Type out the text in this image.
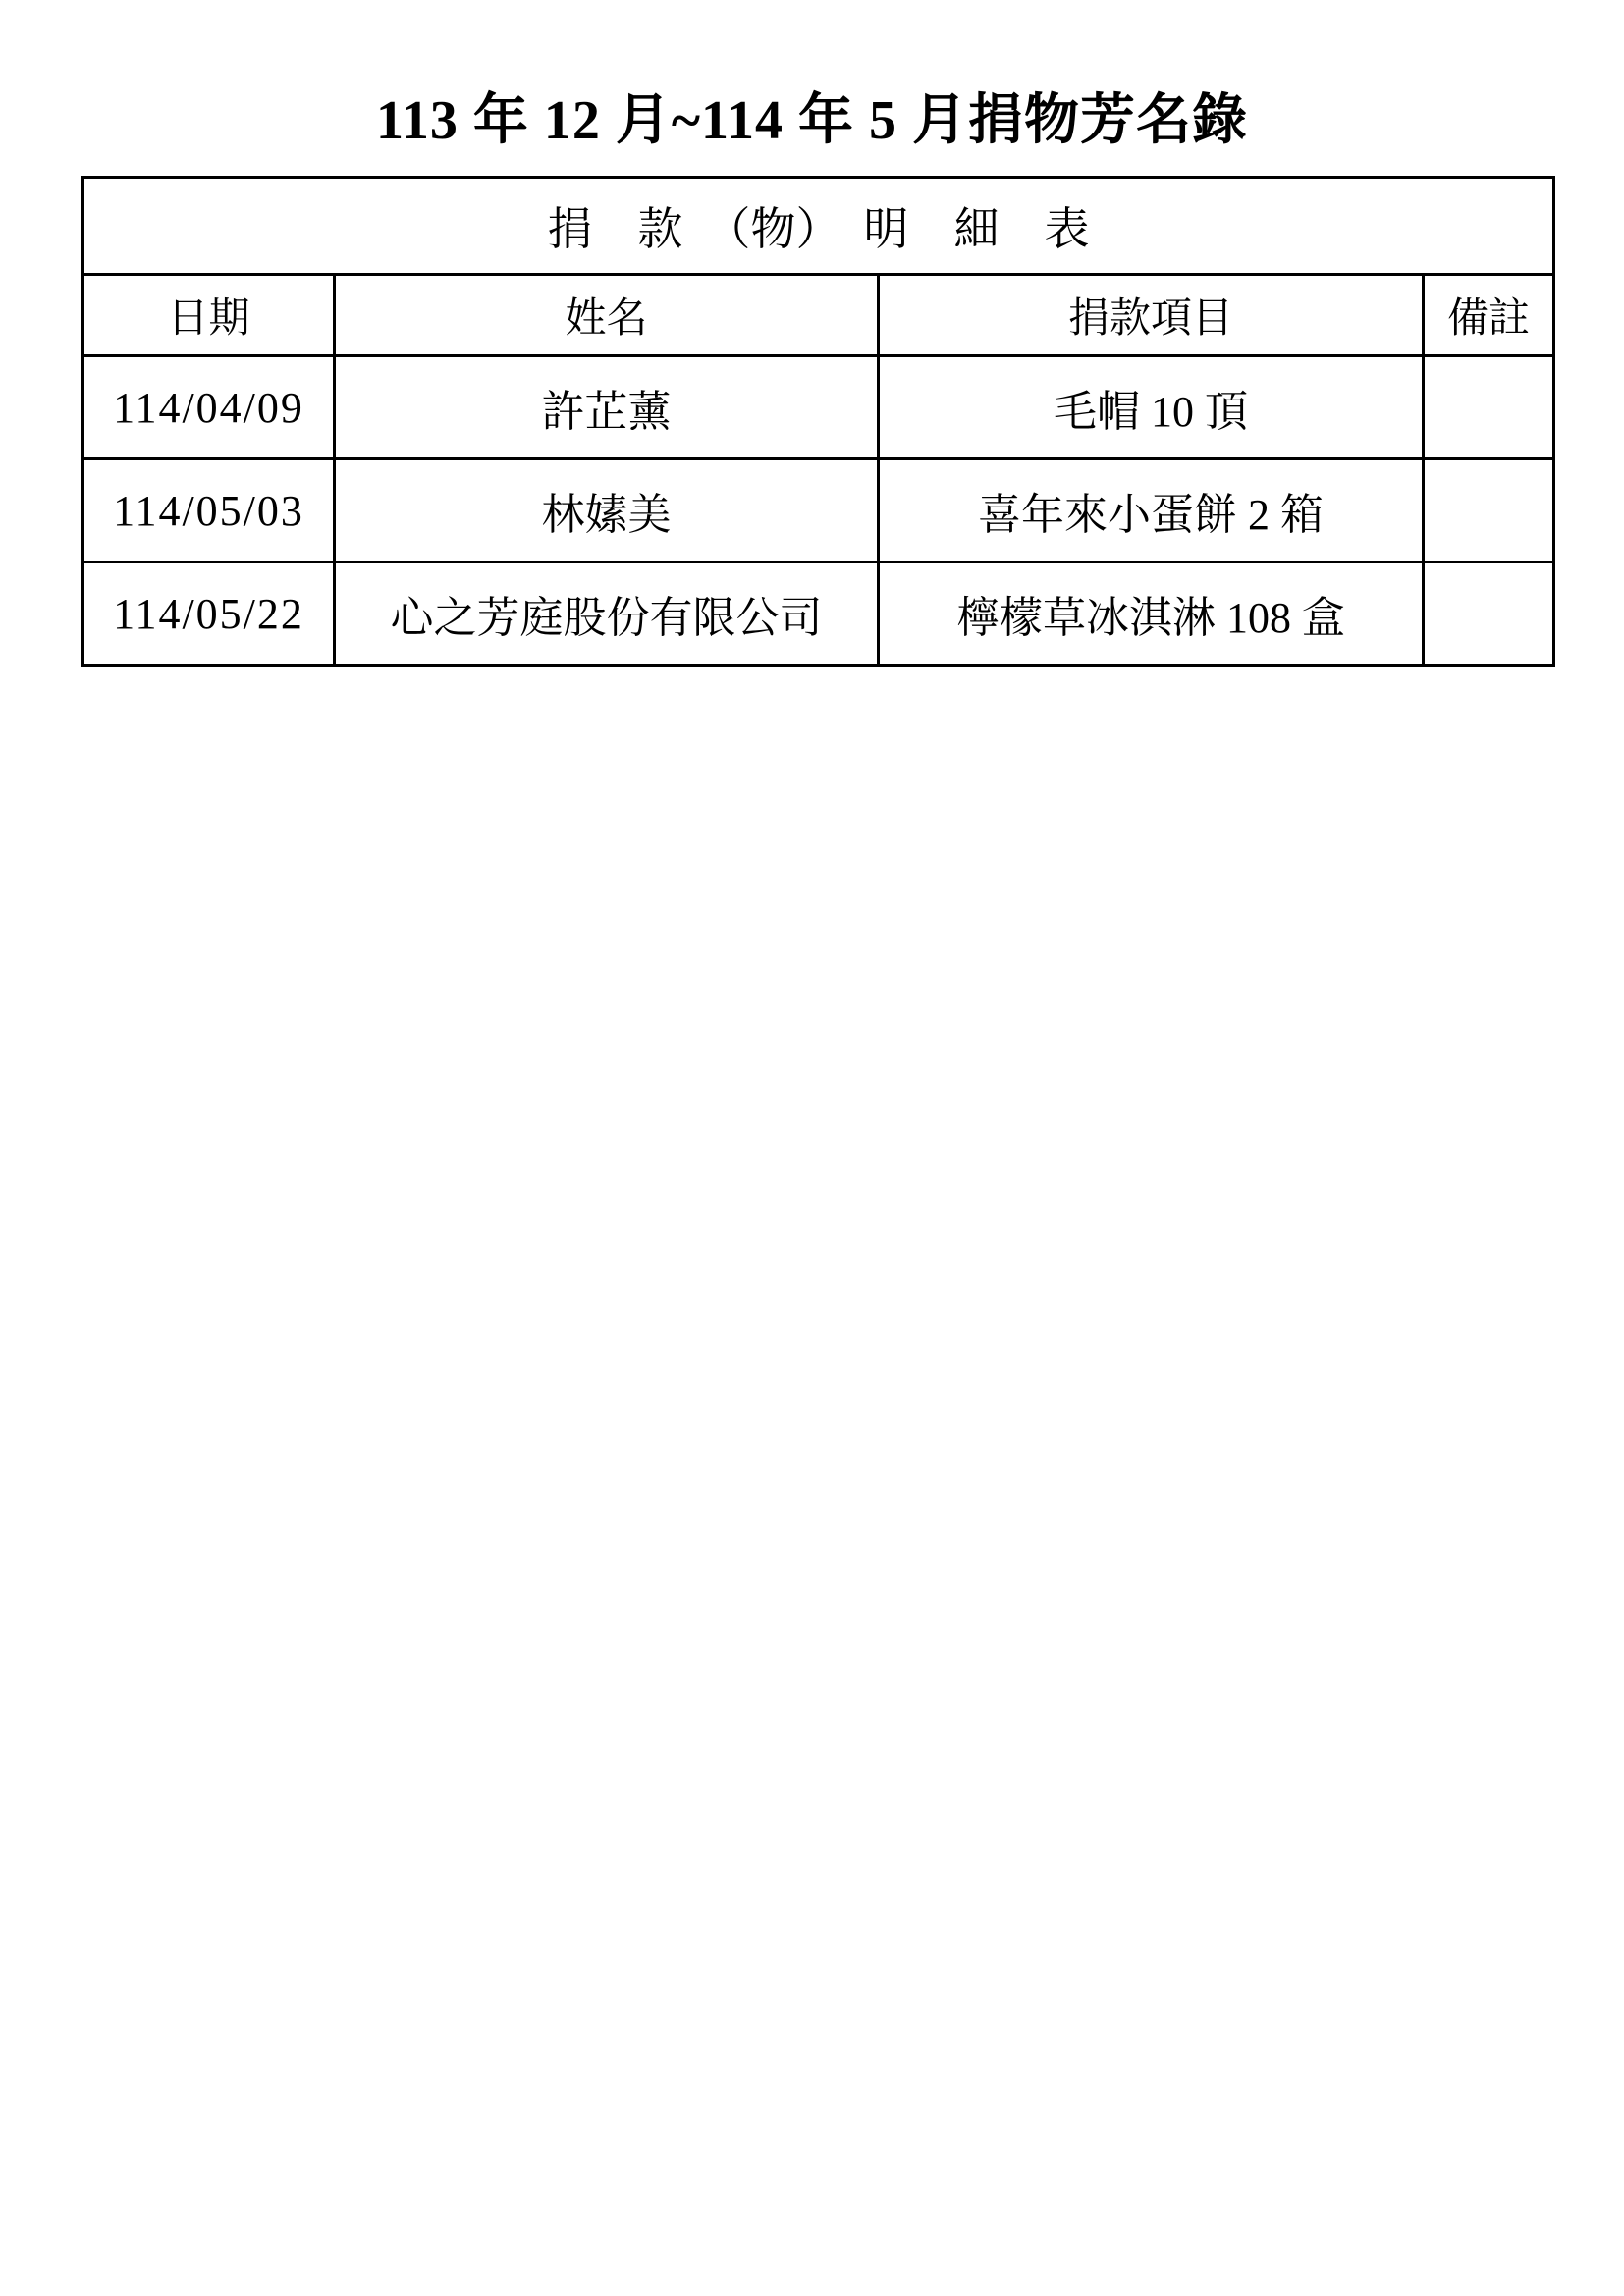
113 年 12 月~114 年 5 月捐物芳名錄
捐　款　（物）　明　細　表			
日期	姓名	捐款項目	備註
114/04/09	許芷薰	毛帽 10 頂	
114/05/03	林嫊美	喜年來小蛋餅 2 箱	
114/05/22	心之芳庭股份有限公司	檸檬草冰淇淋 108 盒	
